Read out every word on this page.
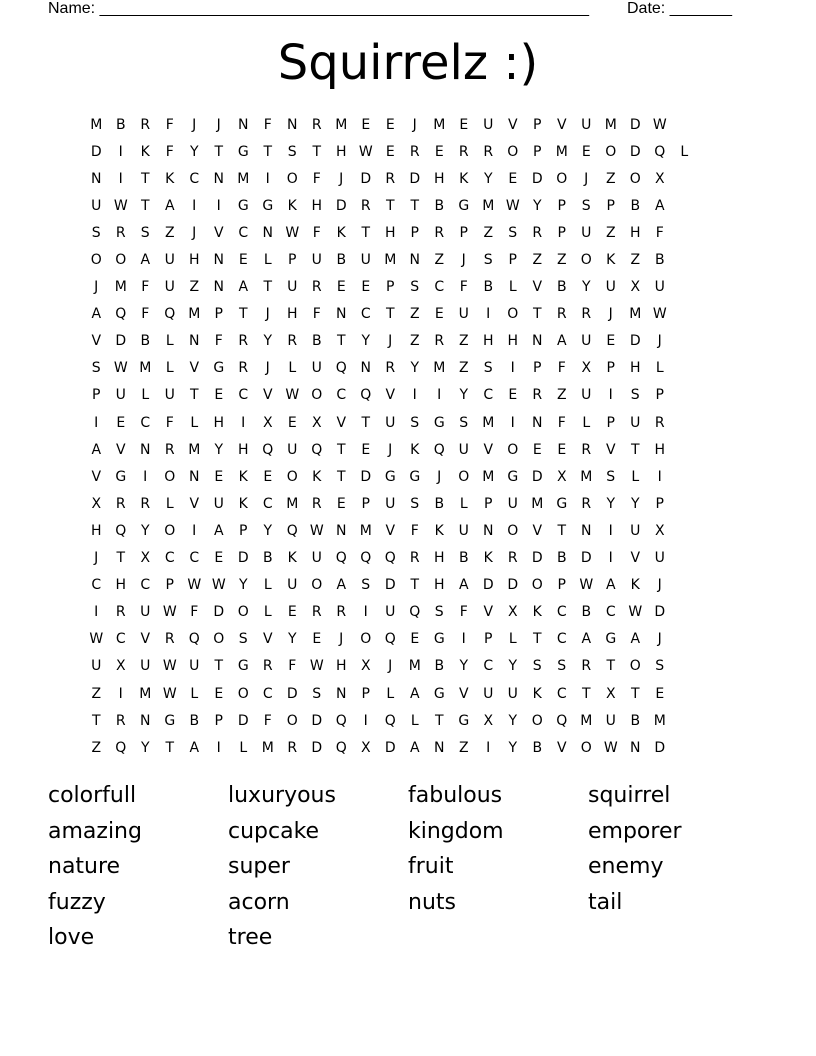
Name: _______________________________________________________ Date: _______
Squirrelz :)
M B	R	F	J	J	N	F	N	R M	E	E	J	M	E	U	V	P	V	U M D W
D	I	K	F	Y	T	G	T	S	T	H W E	R	E	R	R	O	P	M	E	O D Q	L
N	I	T	K	C	N M	I	O	F	J	D	R	D H	K	Y	E	D O	J	Z	O	X
U W T	A	I	I	G G	K	H D	R	T	T	B	G M W Y	P	S	P	B	A
S	R	S	Z	J	V	C	N W F	K	T	H	P	R	P	Z	S	R	P	U	Z	H	F
O O	A	U	H N	E	L	P	U	B	U M N	Z	J	S	P	Z	Z	O	K	Z	B
J	M	F	U	Z	N	A	T	U	R	E	E	P	S	C	F	B	L	V	B	Y	U	X	U
A	Q	F	Q M	P	T	J	H	F	N	C	T	Z	E	U	I	O	T	R	R	J	M W
V	D	B	L	N	F	R	Y	R	B	T	Y	J	Z	R	Z	H H N	A	U	E	D	J
S W M	L	V	G	R	J	L	U Q N	R	Y	M Z	S	I	P	F	X	P	H	L
P	U	L	U	T	E	C	V W O	C	Q	V	I	I	Y	C	E	R	Z	U	I	S	P
I	E	C	F	L	H	I	X	E	X	V	T	U	S	G	S	M	I	N	F	L	P	U	R
A	V	N	R M	Y	H Q U Q	T	E	J	K	Q U	V	O	E	E	R	V	T	H
V	G	I	O N	E	K	E	O	K	T	D G G	J	O M G D	X M	S	L	I
X	R	R	L	V	U	K	C M R	E	P	U	S	B	L	P	U M G	R	Y	Y	P
H Q	Y	O	I	A	P	Y	Q W N M V	F	K	U	N O	V	T	N	I	U	X
J	T	X	C	C	E	D	B	K	U Q Q Q	R	H	B	K	R	D	B	D	I	V	U
C	H	C	P W W Y	L	U O	A	S	D	T	H	A	D D O	P W A	K	J
I	R	U W F	D O	L	E	R	R	I	U Q	S	F	V	X	K	C	B	C W D
W C	V	R	Q O	S	V	Y	E	J	O Q	E	G	I	P	L	T	C	A	G	A	J
U	X	U W U	T	G	R	F W H	X	J	M B	Y	C	Y	S	S	R	T	O	S
Z	I	M W L	E	O	C	D	S	N	P	L	A	G	V	U	U	K	C	T	X	T	E
T	R	N G	B	P	D	F	O D Q	I	Q	L	T	G	X	Y	O Q M U	B M
Z	Q	Y	T	A	I	L	M R	D Q	X	D	A	N	Z	I	Y	B	V	O W N D
colorfull	luxuryous	fabulous	squirrel
amazing	cupcake	kingdom	emporer
nature	super	fruit	enemy
fuzzy	acorn	nuts	tail
love	tree
